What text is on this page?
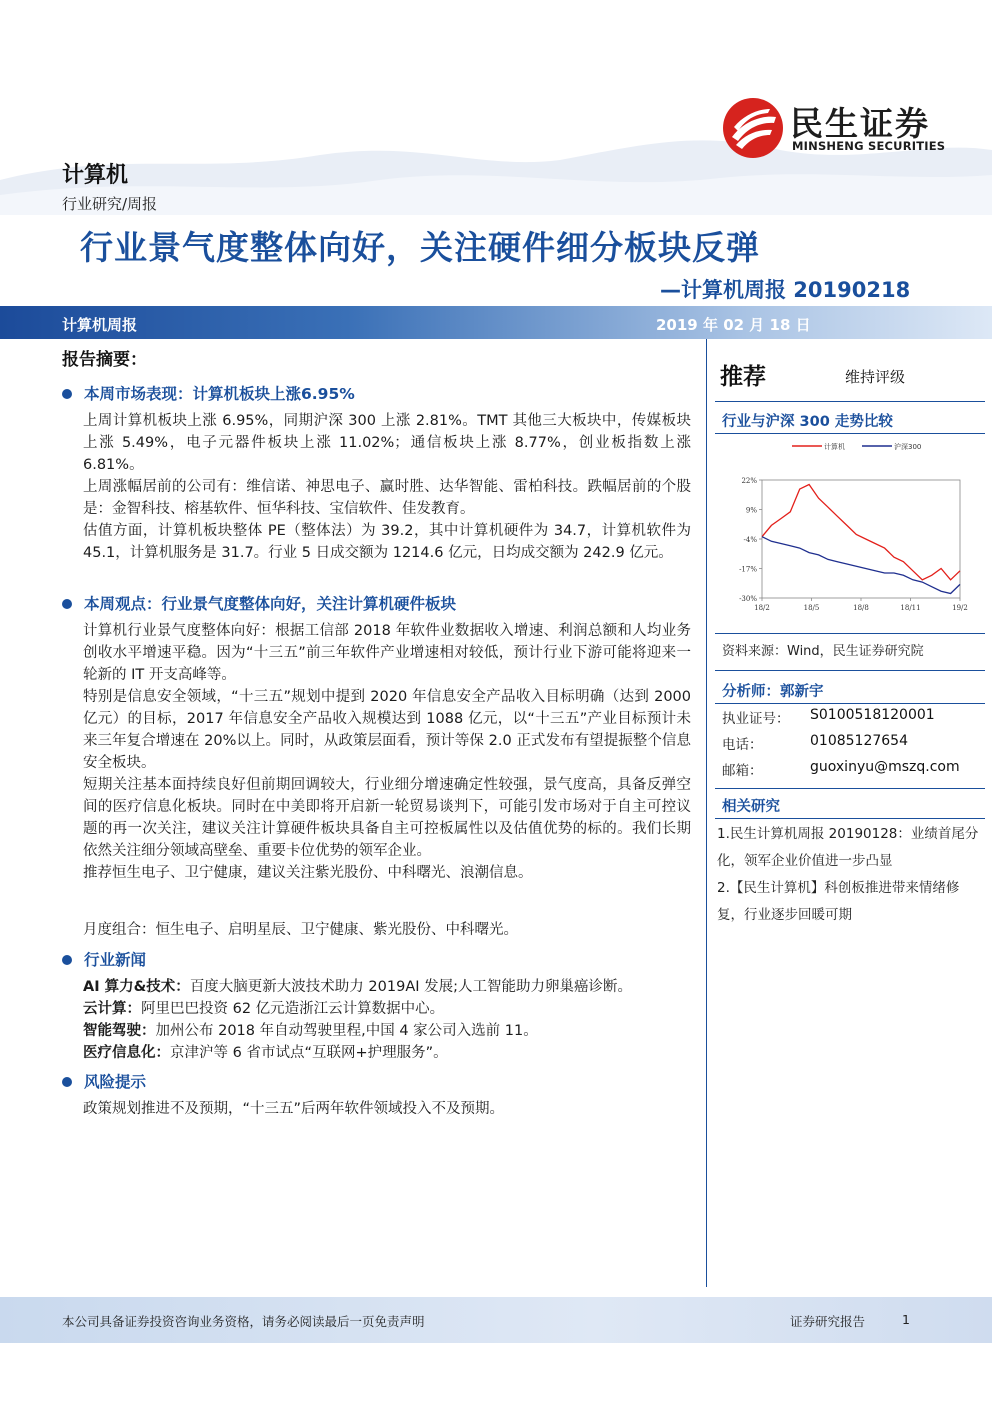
民生证券
MINSHENG SECURITIES
计算机
行业研究/周报
行业景气度整体向好，关注硬件细分板块反弹
—计算机周报 20190218
计算机周报	2019 年 02 月 18 日
报告摘要：
本周市场表现：计算机板块上涨6.95%

上周计算机板块上涨 6.95%，同期沪深 300 上涨 2.81%。TMT 其他三大板块中，传媒板块上涨 5.49%，电子元器件板块上涨 11.02%；通信板块上涨 8.77%，创业板指数上涨 6.81%。

上周涨幅居前的公司有：维信诺、神思电子、赢时胜、达华智能、雷柏科技。跌幅居前的个股是：金智科技、榕基软件、恒华科技、宝信软件、佳发教育。

估值方面，计算机板块整体 PE（整体法）为 39.2，其中计算机硬件为 34.7，计算机软件为 45.1，计算机服务是 31.7。行业 5 日成交额为 1214.6 亿元，日均成交额为 242.9 亿元。

本周观点：行业景气度整体向好，关注计算机硬件板块

计算机行业景气度整体向好：根据工信部 2018 年软件业数据收入增速、利润总额和人均业务创收水平增速平稳。因为“十三五”前三年软件产业增速相对较低，预计行业下游可能将迎来一轮新的 IT 开支高峰等。

特别是信息安全领域，“十三五”规划中提到 2020 年信息安全产品收入目标明确（达到 2000 亿元）的目标，2017 年信息安全产品收入规模达到 1088 亿元，以“十三五”产业目标预计未来三年复合增速在 20%以上。同时，从政策层面看，预计等保 2.0 正式发布有望提振整个信息安全板块。

短期关注基本面持续良好但前期回调较大，行业细分增速确定性较强，景气度高，具备反弹空间的医疗信息化板块。同时在中美即将开启新一轮贸易谈判下，可能引发市场对于自主可控议题的再一次关注，建议关注计算硬件板块具备自主可控板属性以及估值优势的标的。我们长期依然关注细分领域高壁垒、重要卡位优势的领军企业。

推荐恒生电子、卫宁健康，建议关注紫光股份、中科曙光、浪潮信息。

月度组合：恒生电子、启明星辰、卫宁健康、紫光股份、中科曙光。
行业新闻

AI 算力&技术：百度大脑更新大波技术助力 2019AI 发展;人工智能助力卵巢癌诊断。

云计算：阿里巴巴投资 62 亿元造浙江云计算数据中心。

智能驾驶：加州公布 2018 年自动驾驶里程,中国 4 家公司入选前 11。

医疗信息化：京津沪等 6 省市试点“互联网+护理服务”。

风险提示
政策规划推进不及预期，“十三五”后两年软件领域投入不及预期。
推荐	维持评级
行业与沪深 300 走势比较
22%
9%
-4%
-17%
-30%
18/2	18/5	18/8	18/11	19/2
计算机	沪深300
资料来源：Wind，民生证券研究院
分析师：郭新宇
执业证号： S0100518120001
电话：	01085127654
邮箱：	guoxinyu@mszq.com
相关研究

1.民生计算机周报 20190128：业绩首尾分化，领军企业价值进一步凸显

2.【民生计算机】科创板推进带来情绪修复，行业逐步回暖可期

本公司具备证券投资咨询业务资格，请务必阅读最后一页免责声明	证券研究报告	1
